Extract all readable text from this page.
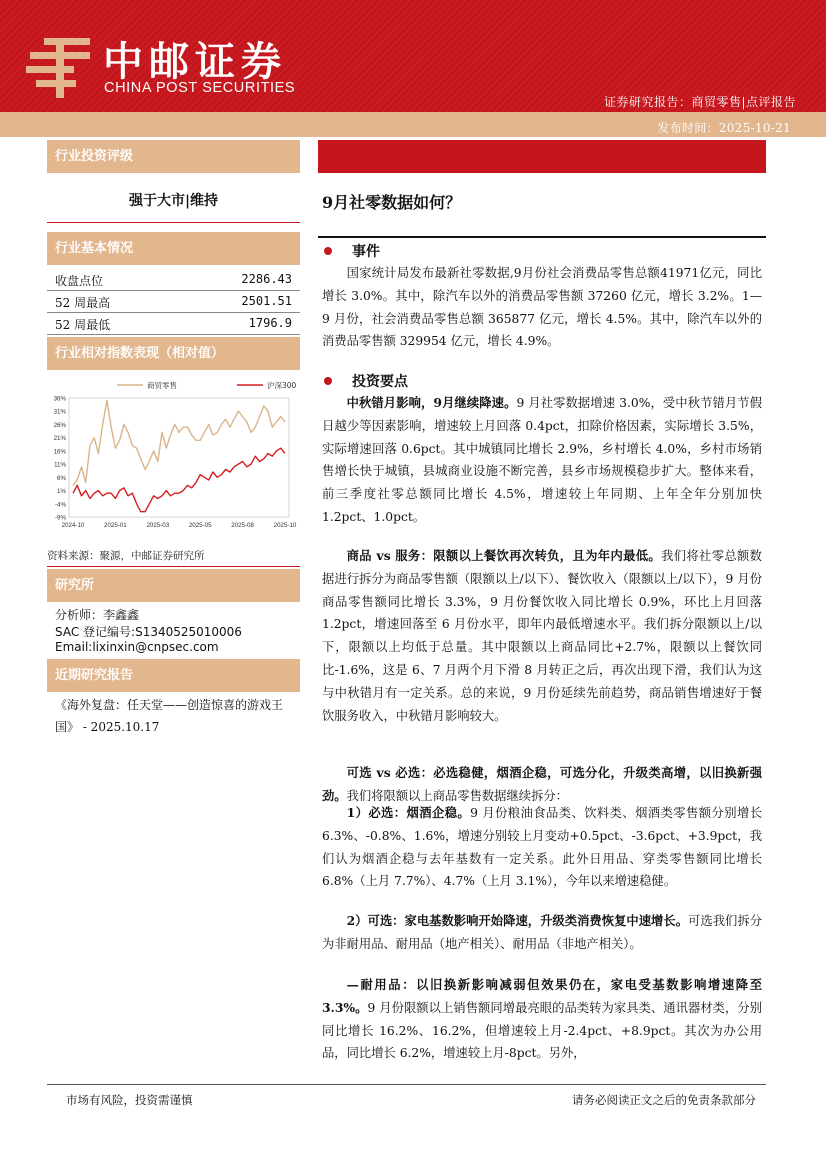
中邮证券
CHINA POST SECURITIES
证券研究报告：商贸零售|点评报告
发布时间：2025-10-21
行业投资评级
强于大市|维持
行业基本情况
收盘点位	2286.43
52 周最高	2501.51
52 周最低	1796.9
行业相对指数表现（相对值）
36%
31%
26%
21%
16%
11%
6%
1%
-4%
-9%
2024-10	2025-01	2025-03	2025-05	2025-08	2025-10
商贸零售	沪深300
资料来源：聚源，中邮证券研究所
研究所
分析师：李鑫鑫
SAC 登记编号:S1340525010006
Email:lixinxin@cnpsec.com
近期研究报告
《海外复盘：任天堂——创造惊喜的游戏王国》 - 2025.10.17
9月社零数据如何？
事件
国家统计局发布最新社零数据,9月份社会消费品零售总额41971亿元，同比增长 3.0%。其中，除汽车以外的消费品零售额 37260 亿元，增长 3.2%。1—9 月份，社会消费品零售总额 365877 亿元，增长 4.5%。其中，除汽车以外的消费品零售额 329954 亿元，增长 4.9%。
投资要点
中秋错月影响，9月继续降速。9 月社零数据增速 3.0%，受中秋节错月节假日越少等因素影响，增速较上月回落 0.4pct，扣除价格因素，实际增长 3.5%，实际增速回落 0.6pct。其中城镇同比增长 2.9%，乡村增长 4.0%，乡村市场销售增长快于城镇，县城商业设施不断完善，县乡市场规模稳步扩大。整体来看，前三季度社零总额同比增长 4.5%，增速较上年同期、上年全年分别加快 1.2pct、1.0pct。
商品 vs 服务：限额以上餐饮再次转负，且为年内最低。我们将社零总额数据进行拆分为商品零售额（限额以上/以下）、餐饮收入（限额以上/以下），9 月份商品零售额同比增长 3.3%，9 月份餐饮收入同比增长 0.9%，环比上月回落 1.2pct，增速回落至 6 月份水平，即年内最低增速水平。我们拆分限额以上/以下，限额以上均低于总量。其中限额以上商品同比+2.7%，限额以上餐饮同比-1.6%，这是 6、7 月两个月下滑 8 月转正之后，再次出现下滑，我们认为这与中秋错月有一定关系。总的来说，9 月份延续先前趋势，商品销售增速好于餐饮服务收入，中秋错月影响较大。
可选 vs 必选：必选稳健，烟酒企稳，可选分化，升级类高增，以旧换新强劲。我们将限额以上商品零售数据继续拆分：
1）必选：烟酒企稳。9 月份粮油食品类、饮料类、烟酒类零售额分别增长 6.3%、-0.8%、1.6%，增速分别较上月变动+0.5pct、-3.6pct、+3.9pct，我们认为烟酒企稳与去年基数有一定关系。此外日用品、穿类零售额同比增长 6.8%（上月 7.7%）、4.7%（上月 3.1%），今年以来增速稳健。
2）可选：家电基数影响开始降速，升级类消费恢复中速增长。可选我们拆分为非耐用品、耐用品（地产相关）、耐用品（非地产相关）。
—耐用品：以旧换新影响减弱但效果仍在，家电受基数影响增速降至 3.3%。9 月份限额以上销售额同增最亮眼的品类转为家具类、通讯器材类，分别同比增长 16.2%、16.2%，但增速较上月-2.4pct、+8.9pct。其次为办公用品，同比增长 6.2%，增速较上月-8pct。另外，
市场有风险，投资需谨慎	请务必阅读正文之后的免责条款部分
